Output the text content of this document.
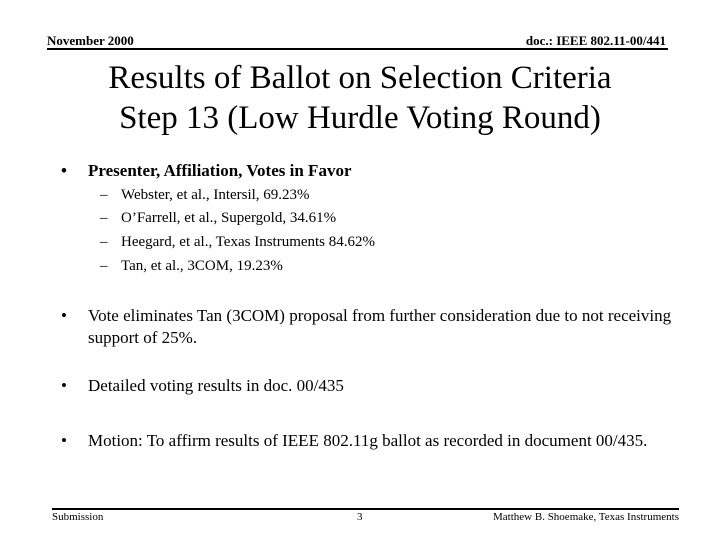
November 2000	doc.: IEEE 802.11-00/441
Results of Ballot on Selection Criteria
Step 13 (Low Hurdle Voting Round)
• Presenter, Affiliation, Votes in Favor
– Webster, et al., Intersil, 69.23%
– O’Farrell, et al., Supergold, 34.61%
– Heegard, et al., Texas Instruments 84.62%
– Tan, et al., 3COM, 19.23%
• Vote eliminates Tan (3COM) proposal from further consideration due to not receiving support of 25%.
• Detailed voting results in doc. 00/435
• Motion: To affirm results of IEEE 802.11g ballot as recorded in document 00/435.
Submission	3	Matthew B. Shoemake, Texas Instruments
